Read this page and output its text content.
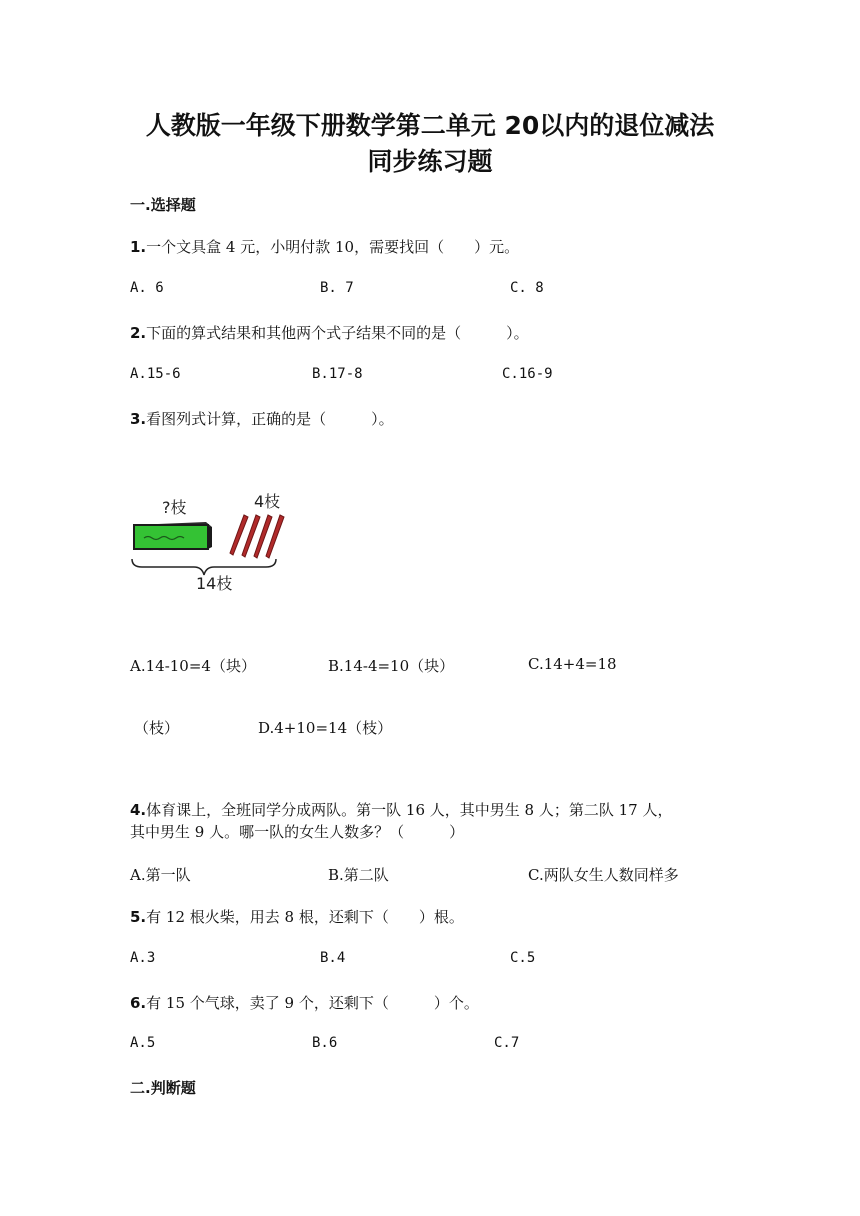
人教版一年级下册数学第二单元 20以内的退位减法
同步练习题
一.选择题
1.一个文具盒 4 元，小明付款 10，需要找回（　　）元。
A. 6	B. 7	C. 8
2.下面的算式结果和其他两个式子结果不同的是（　　　）。
A.15-6	B.17-8	C.16-9
3.看图列式计算，正确的是（　　　）。
?枝	4枝
14枝
A.14-10=4（块）	B.14-4=10（块）	C.14+4=18
（枝）	D.4+10=14（枝）
4.体育课上，全班同学分成两队。第一队 16 人，其中男生 8 人；第二队 17 人，
其中男生 9 人。哪一队的女生人数多？（　　　）
A.第一队	B.第二队	C.两队女生人数同样多
5.有 12 根火柴，用去 8 根，还剩下（　　）根。
A.3	B.4	C.5
6.有 15 个气球，卖了 9 个，还剩下（　　　）个。
A.5	B.6	C.7
二.判断题
